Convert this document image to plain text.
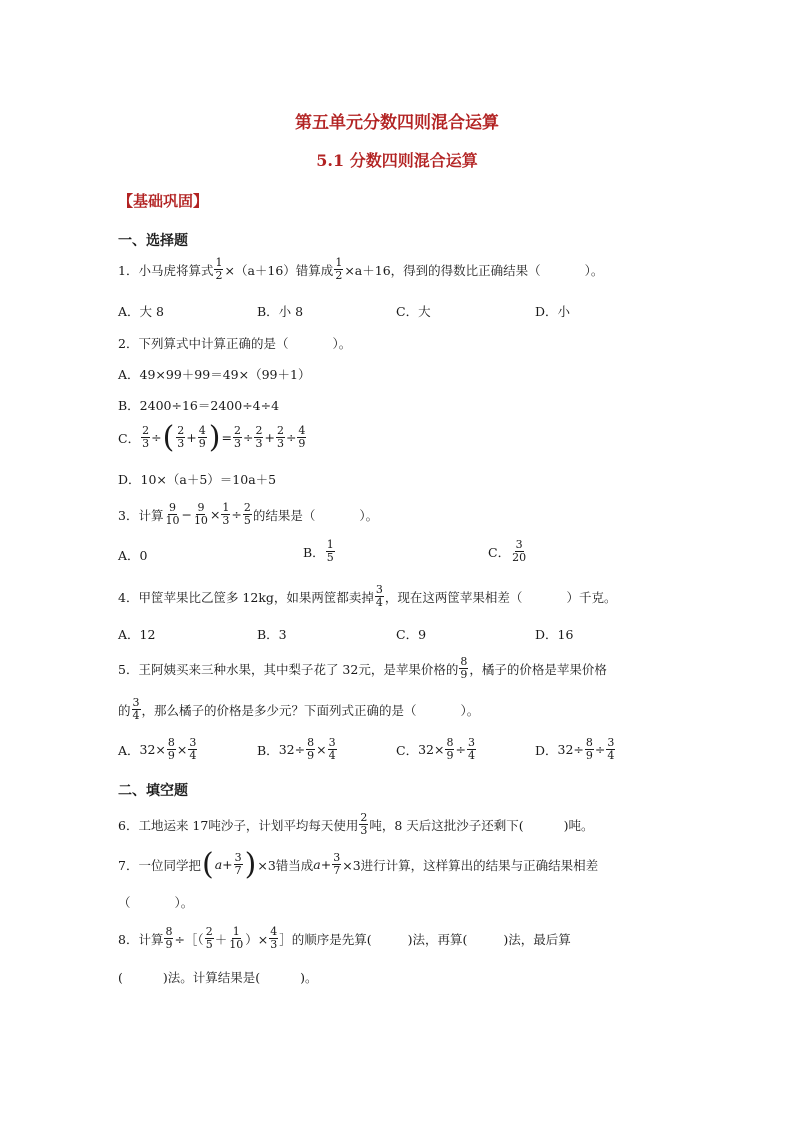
第五单元分数四则混合运算
5.1 分数四则混合运算
【基础巩固】
一、选择题
1．小马虎将算式 $\frac{1}{2} \times(a+16)$错算成 $\frac{1}{2} \times a+16$，得到的得数比正确结果（	）。
A．大 8	B．小 8	C．大	D．小
2．下列算式中计算正确的是（	）。
A．49×99＋99＝49×（99＋1）
B．2400÷16＝2400÷4÷4
C． $\frac{2}{3}$ ÷ ( $\frac{2}{3} + \frac{4}{9}$ ) = $\frac{2}{3} \div \frac{2}{3} + \frac{2}{3} \div \frac{4}{9}$
D．10×（a＋5）＝10a＋5
3．计算 $\frac{9}{10} - \frac{9}{10} \times \frac{1}{3} \div \frac{2}{5}$ 的结果是（	）。
A．0	B． $\frac{1}{5}$	C． $\frac{3}{20}$
4．甲筐苹果比乙筐多 12kg，如果两筐都卖掉 $\frac{3}{4}$ ，现在这两筐苹果相差（	）千克。
A．12	B．3	C．9	D．16
5．王阿姨买来三种水果，其中梨子花了 32元，是苹果价格的 $\frac{8}{9}$ ，橘子的价格是苹果价格
的 $\frac{3}{4}$ ，那么橘子的价格是多少元？下面列式正确的是（	）。
A． $32\times \frac{8}{9} \times \frac{3}{4}$	B． $32\div \frac{8}{9} \times \frac{3}{4}$	C． $32\times \frac{8}{9} \div \frac{3}{4}$	D． $32\div \frac{8}{9} \div \frac{3}{4}$
二、填空题
6．工地运来 17吨沙子，计划平均每天使用 $\frac{2}{3}$ 吨，8 天后这批沙子还剩下(	)吨。
7．一位同学把 ( $a + \frac{3}{7}$ ) ×3错当成 $a + \frac{3}{7} \times 3$进行计算，这样算出的结果与正确结果相差
（	）。
8．计算 $\frac{8}{9}$ ÷［（ $\frac{2}{5} + \frac{1}{10}$ ）× $\frac{4}{3}$ ］的顺序是先算(	)法，再算(	)法，最后算
(	)法。计算结果是(	)。
